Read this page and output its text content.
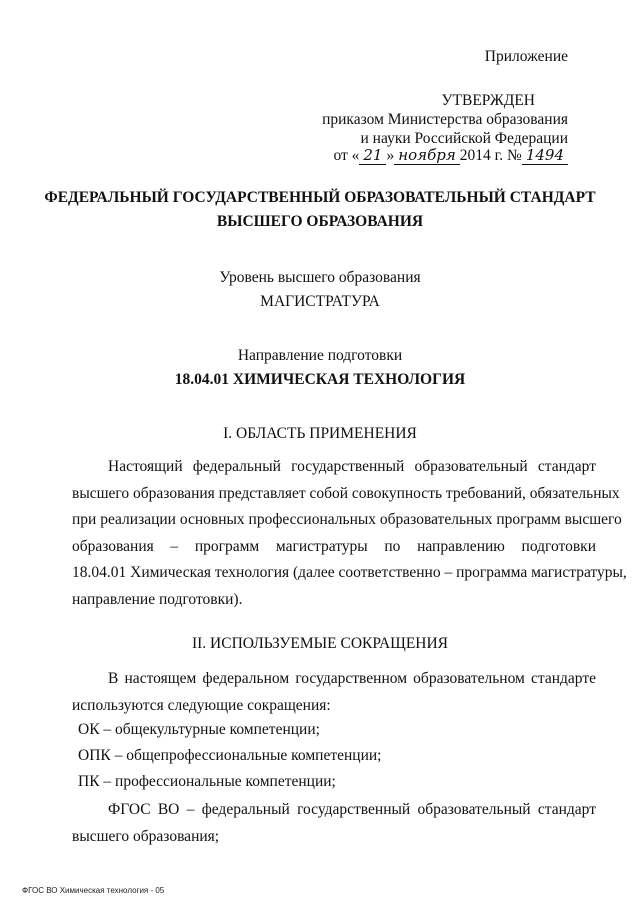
Приложение
УТВЕРЖДЕН
приказом Министерства образования
и науки Российской Федерации
от « 21 » ноября 2014 г. № 1494
ФЕДЕРАЛЬНЫЙ ГОСУДАРСТВЕННЫЙ ОБРАЗОВАТЕЛЬНЫЙ СТАНДАРТ
ВЫСШЕГО ОБРАЗОВАНИЯ
Уровень высшего образования
МАГИСТРАТУРА
Направление подготовки
18.04.01 ХИМИЧЕСКАЯ ТЕХНОЛОГИЯ
I. ОБЛАСТЬ ПРИМЕНЕНИЯ
Настоящий федеральный государственный образовательный стандарт
высшего образования представляет собой совокупность требований, обязательных
при реализации основных профессиональных образовательных программ высшего
образования – программ магистратуры по направлению подготовки
18.04.01 Химическая технология (далее соответственно – программа магистратуры,
направление подготовки).
II. ИСПОЛЬЗУЕМЫЕ СОКРАЩЕНИЯ
В настоящем федеральном государственном образовательном стандарте
используются следующие сокращения:
ОК – общекультурные компетенции;
ОПК – общепрофессиональные компетенции;
ПК – профессиональные компетенции;
ФГОС ВО – федеральный государственный образовательный стандарт
высшего образования;
ФГОС ВО Химическая технология - 05
